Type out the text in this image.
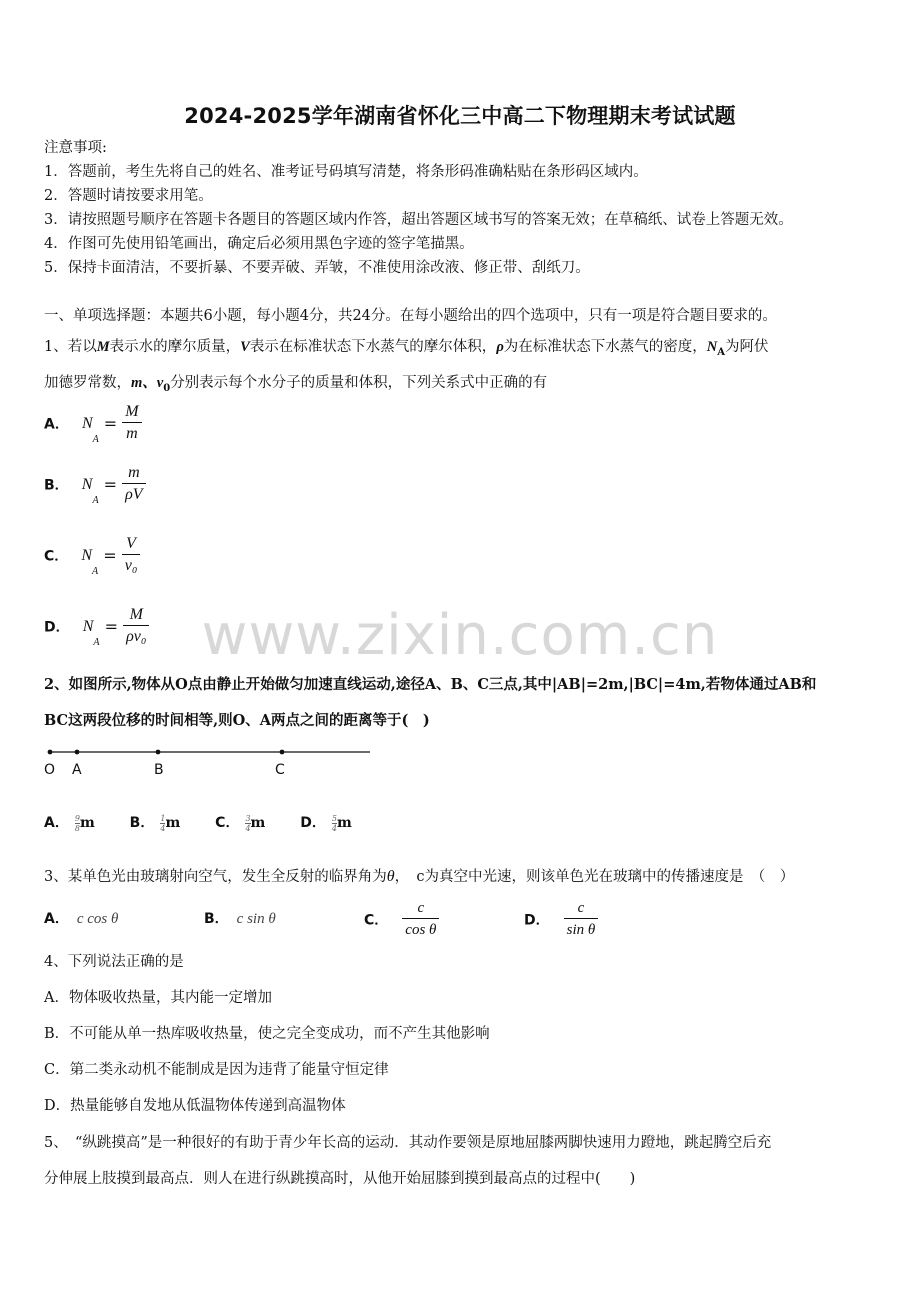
2024-2025学年湖南省怀化三中高二下物理期末考试试题
注意事项:
1．答题前，考生先将自己的姓名、准考证号码填写清楚，将条形码准确粘贴在条形码区域内。
2．答题时请按要求用笔。
3．请按照题号顺序在答题卡各题目的答题区域内作答，超出答题区域书写的答案无效；在草稿纸、试卷上答题无效。
4．作图可先使用铅笔画出，确定后必须用黑色字迹的签字笔描黑。
5．保持卡面清洁，不要折暴、不要弄破、弄皱，不准使用涂改液、修正带、刮纸刀。
一、单项选择题：本题共6小题，每小题4分，共24分。在每小题给出的四个选项中，只有一项是符合题目要求的。
1、若以M表示水的摩尔质量，V表示在标准状态下水蒸气的摩尔体积，ρ为在标准状态下水蒸气的密度，$N_A$为阿伏
加德罗常数，m、$v_0$分别表示每个水分子的质量和体积，下列关系式中正确的有
A． $N_A = \frac{M}{m}$
B． $N_A = \frac{m}{\rho V}$
C． $N_A = \frac{V}{\text{v₀}}$
D． $N_A = \frac{M}{\text{ρv₀}}$ www.zixin.com.cn
2、如图所示,物体从O点由静止开始做匀加速直线运动,途径A、B、C三点,其中|AB|=2m,|BC|=4m,若物体通过AB和
BC这两段位移的时间相等,则O、A两点之间的距离等于(　)
O A	B	C
A． $\frac{9}{8}$ m B． $\frac{1}{4}$ m C． $\frac{3}{4}$ m D． $\frac{5}{4}$ m
3、某单色光由玻璃射向空气，发生全反射的临界角为θ，　c为真空中光速，则该单色光在玻璃中的传播速度是　（　）
A． c cos θ	B． c sin θ	C． $\frac{c}{\text{cos θ}}$	D． $\frac{c}{\text{sin θ}}$
4、下列说法正确的是
A．物体吸收热量，其内能一定增加
B．不可能从单一热库吸收热量，使之完全变成功，而不产生其他影响
C．第二类永动机不能制成是因为违背了能量守恒定律
D．热量能够自发地从低温物体传递到高温物体
5、　“纵跳摸高”是一种很好的有助于青少年长高的运动．其动作要领是原地屈膝两脚快速用力蹬地，跳起腾空后充
分伸展上肢摸到最高点．则人在进行纵跳摸高时，从他开始屈膝到摸到最高点的过程中(　　)
